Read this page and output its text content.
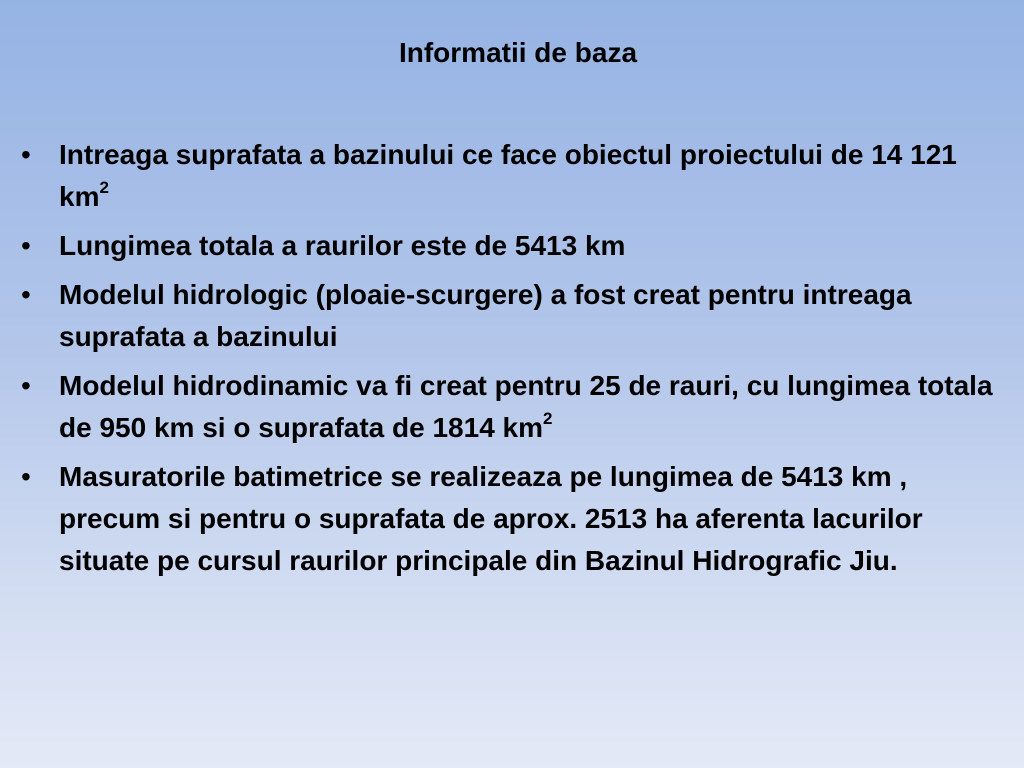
Informatii de baza
• Intreaga suprafata a bazinului ce face obiectul proiectului de 14 121 $km^2$
• Lungimea totala a raurilor este de 5413 km
• Modelul hidrologic (ploaie-scurgere) a fost creat pentru intreaga suprafata a bazinului
• Modelul hidrodinamic va fi creat pentru 25 de rauri, cu lungimea totala de 950 km si o suprafata de 1814 $km^2$
• Masuratorile batimetrice se realizeaza pe lungimea de 5413 km , precum si pentru o suprafata de aprox. 2513 ha aferenta lacurilor situate pe cursul raurilor principale din Bazinul Hidrografic Jiu.
